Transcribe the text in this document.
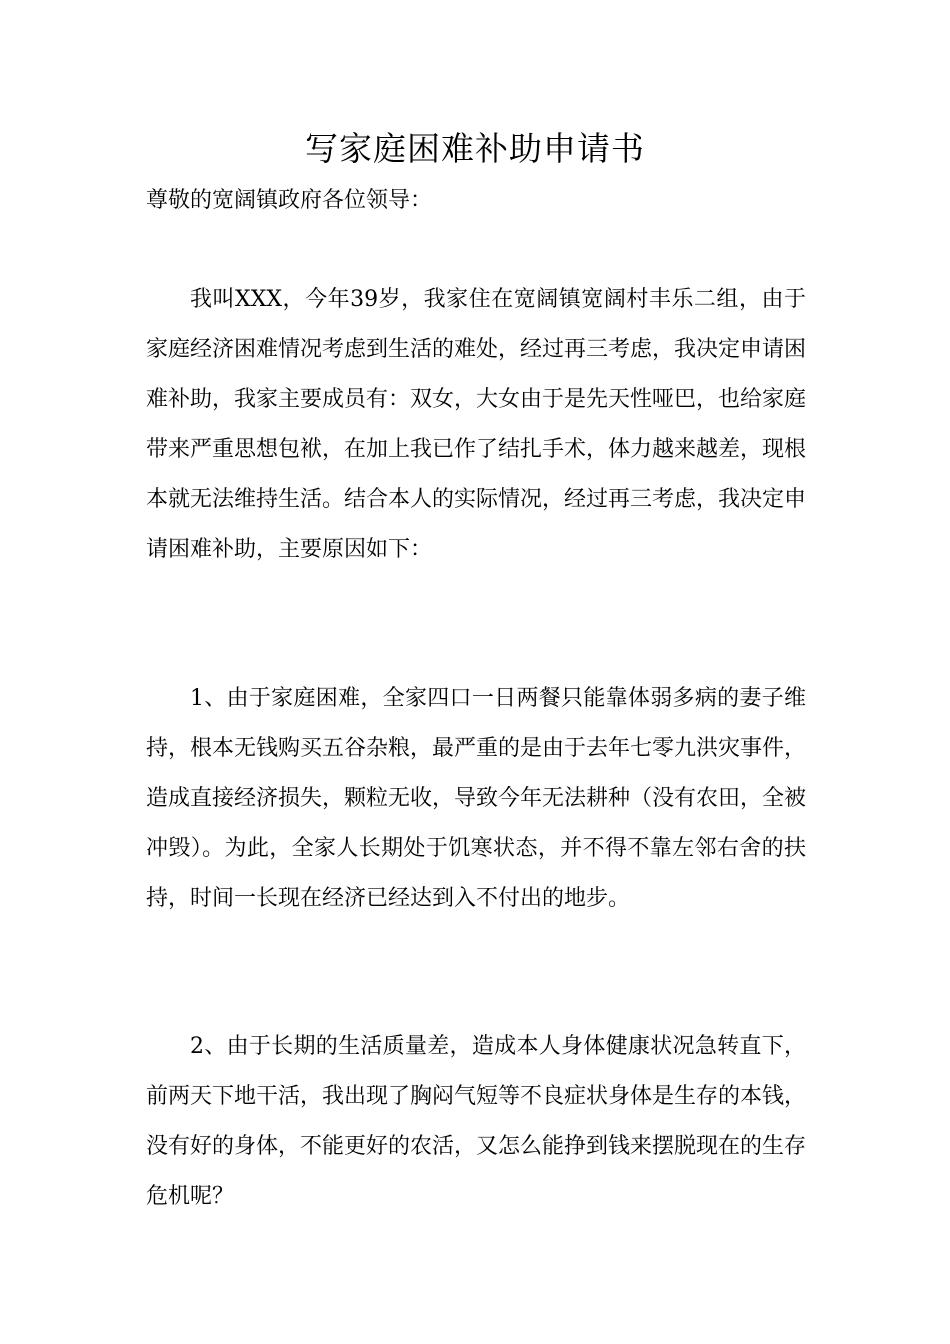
写家庭困难补助申请书
尊敬的宽阔镇政府各位领导：

我叫XXX，今年39岁，我家住在宽阔镇宽阔村丰乐二组，由于家庭经济困难情况考虑到生活的难处，经过再三考虑，我决定申请困难补助，我家主要成员有：双女，大女由于是先天性哑巴，也给家庭带来严重思想包袱，在加上我已作了结扎手术，体力越来越差，现根本就无法维持生活。结合本人的实际情况，经过再三考虑，我决定申请困难补助，主要原因如下：

1、由于家庭困难，全家四口一日两餐只能靠体弱多病的妻子维持，根本无钱购买五谷杂粮，最严重的是由于去年七零九洪灾事件，造成直接经济损失，颗粒无收，导致今年无法耕种（没有农田，全被冲毁）。为此，全家人长期处于饥寒状态，并不得不靠左邻右舍的扶持，时间一长现在经济已经达到入不付出的地步。

2、由于长期的生活质量差，造成本人身体健康状况急转直下，前两天下地干活，我出现了胸闷气短等不良症状身体是生存的本钱，没有好的身体，不能更好的农活，又怎么能挣到钱来摆脱现在的生存危机呢？
